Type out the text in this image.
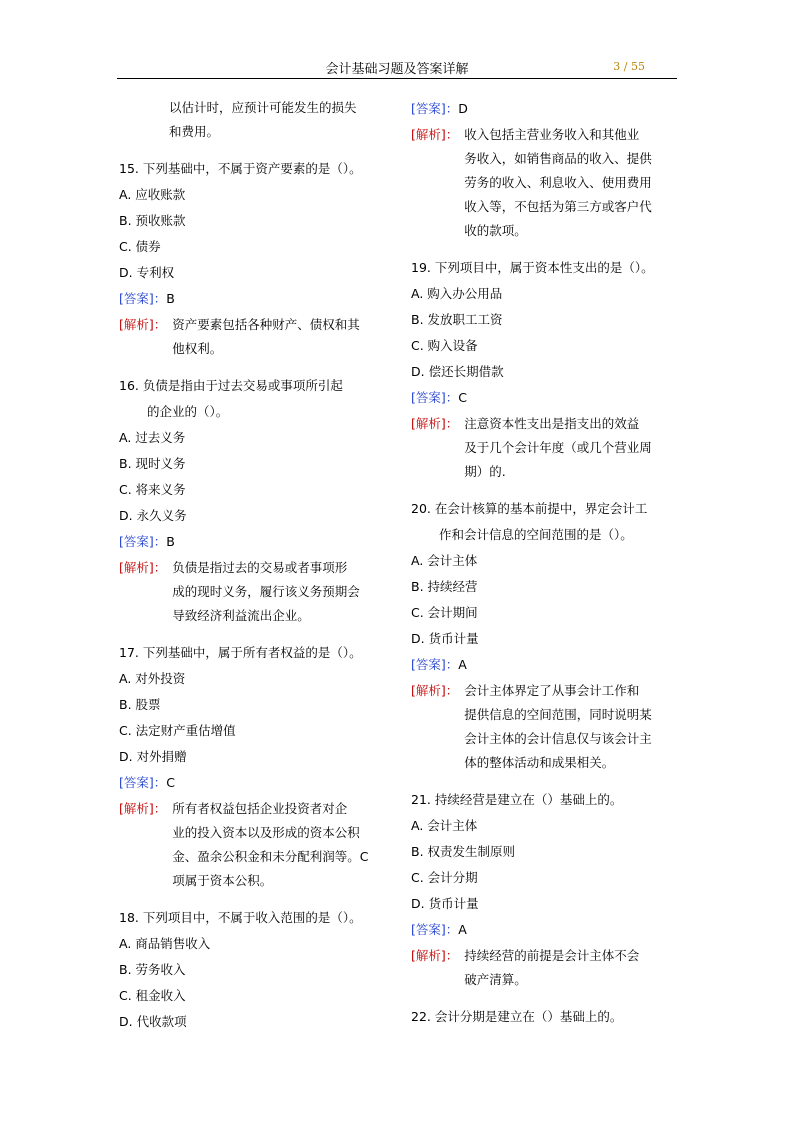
会计基础习题及答案详解	3 / 55
以估计时，应预计可能发生的损失
和费用。
15. 下列基础中，不属于资产要素的是（）。
A. 应收账款
B. 预收账款
C. 债券
D. 专利权
[答案]：B
[解析]： 资产要素包括各种财产、债权和其
他权利。
16. 负债是指由于过去交易或事项所引起
的企业的（）。
A. 过去义务
B. 现时义务
C. 将来义务
D. 永久义务
[答案]：B
[解析]： 负债是指过去的交易或者事项形
成的现时义务，履行该义务预期会
导致经济利益流出企业。
17. 下列基础中，属于所有者权益的是（）。
A. 对外投资
B. 股票
C. 法定财产重估增值
D. 对外捐赠
[答案]：C
[解析]： 所有者权益包括企业投资者对企
业的投入资本以及形成的资本公积
金、盈余公积金和未分配利润等。C
项属于资本公积。
18. 下列项目中，不属于收入范围的是（）。
A. 商品销售收入
B. 劳务收入
C. 租金收入
D. 代收款项
[答案]：D
[解析]： 收入包括主营业务收入和其他业
务收入，如销售商品的收入、提供
劳务的收入、利息收入、使用费用
收入等，不包括为第三方或客户代
收的款项。
19. 下列项目中，属于资本性支出的是（）。
A. 购入办公用品
B. 发放职工工资
C. 购入设备
D. 偿还长期借款
[答案]：C
[解析]： 注意资本性支出是指支出的效益
及于几个会计年度（或几个营业周
期）的.
20. 在会计核算的基本前提中，界定会计工
作和会计信息的空间范围的是（）。
A. 会计主体
B. 持续经营
C. 会计期间
D. 货币计量
[答案]：A
[解析]： 会计主体界定了从事会计工作和
提供信息的空间范围，同时说明某
会计主体的会计信息仅与该会计主
体的整体活动和成果相关。
21. 持续经营是建立在（）基础上的。
A. 会计主体
B. 权责发生制原则
C. 会计分期
D. 货币计量
[答案]：A
[解析]： 持续经营的前提是会计主体不会
破产清算。
22. 会计分期是建立在（）基础上的。
